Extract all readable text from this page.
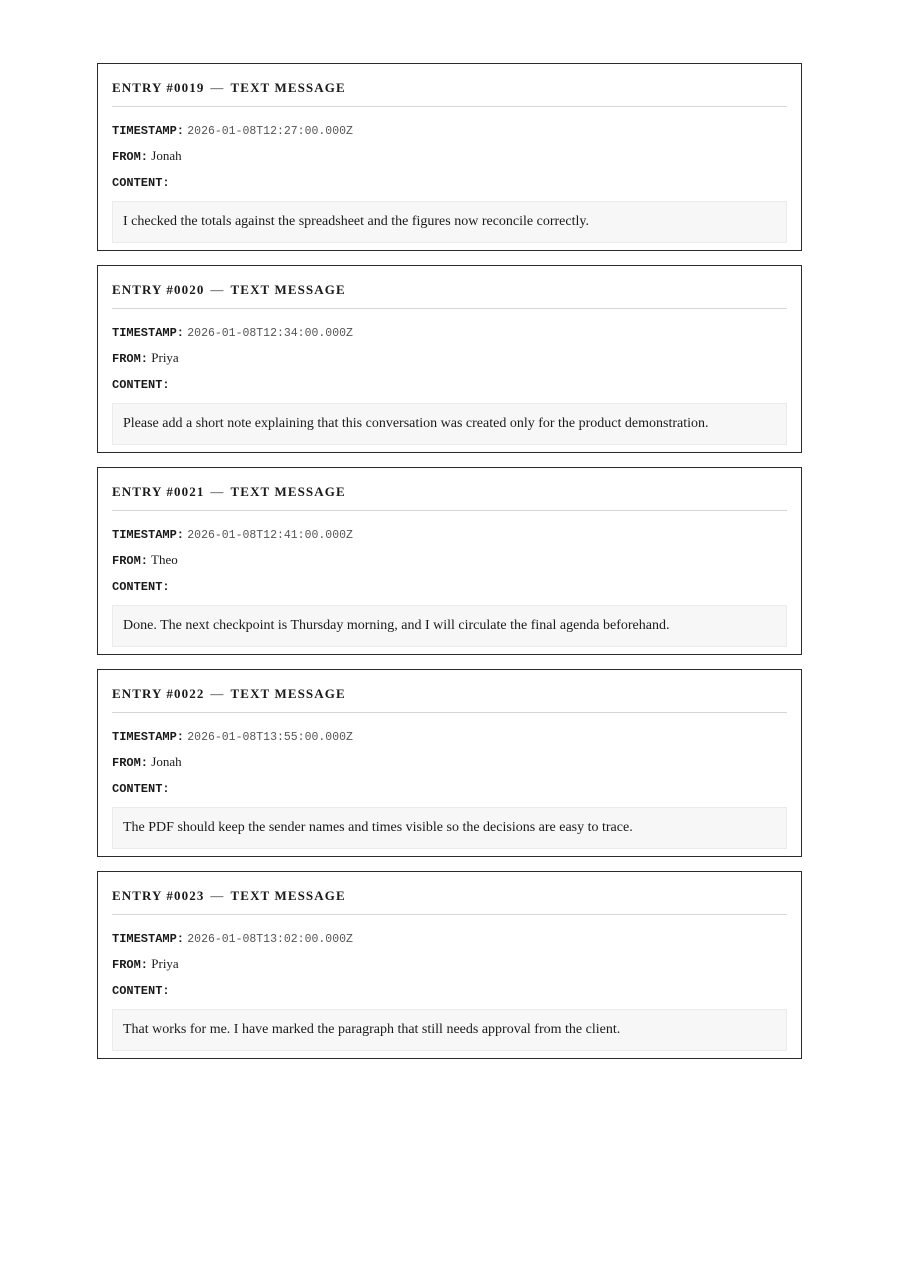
ENTRY #0019 — TEXT MESSAGE
TIMESTAMP: 2026-01-08T12:27:00.000Z
FROM: Jonah
CONTENT:
I checked the totals against the spreadsheet and the figures now reconcile correctly.
ENTRY #0020 — TEXT MESSAGE
TIMESTAMP: 2026-01-08T12:34:00.000Z
FROM: Priya
CONTENT:
Please add a short note explaining that this conversation was created only for the product demonstration.
ENTRY #0021 — TEXT MESSAGE
TIMESTAMP: 2026-01-08T12:41:00.000Z
FROM: Theo
CONTENT:
Done. The next checkpoint is Thursday morning, and I will circulate the final agenda beforehand.
ENTRY #0022 — TEXT MESSAGE
TIMESTAMP: 2026-01-08T13:55:00.000Z
FROM: Jonah
CONTENT:
The PDF should keep the sender names and times visible so the decisions are easy to trace.
ENTRY #0023 — TEXT MESSAGE
TIMESTAMP: 2026-01-08T13:02:00.000Z
FROM: Priya
CONTENT:
That works for me. I have marked the paragraph that still needs approval from the client.
